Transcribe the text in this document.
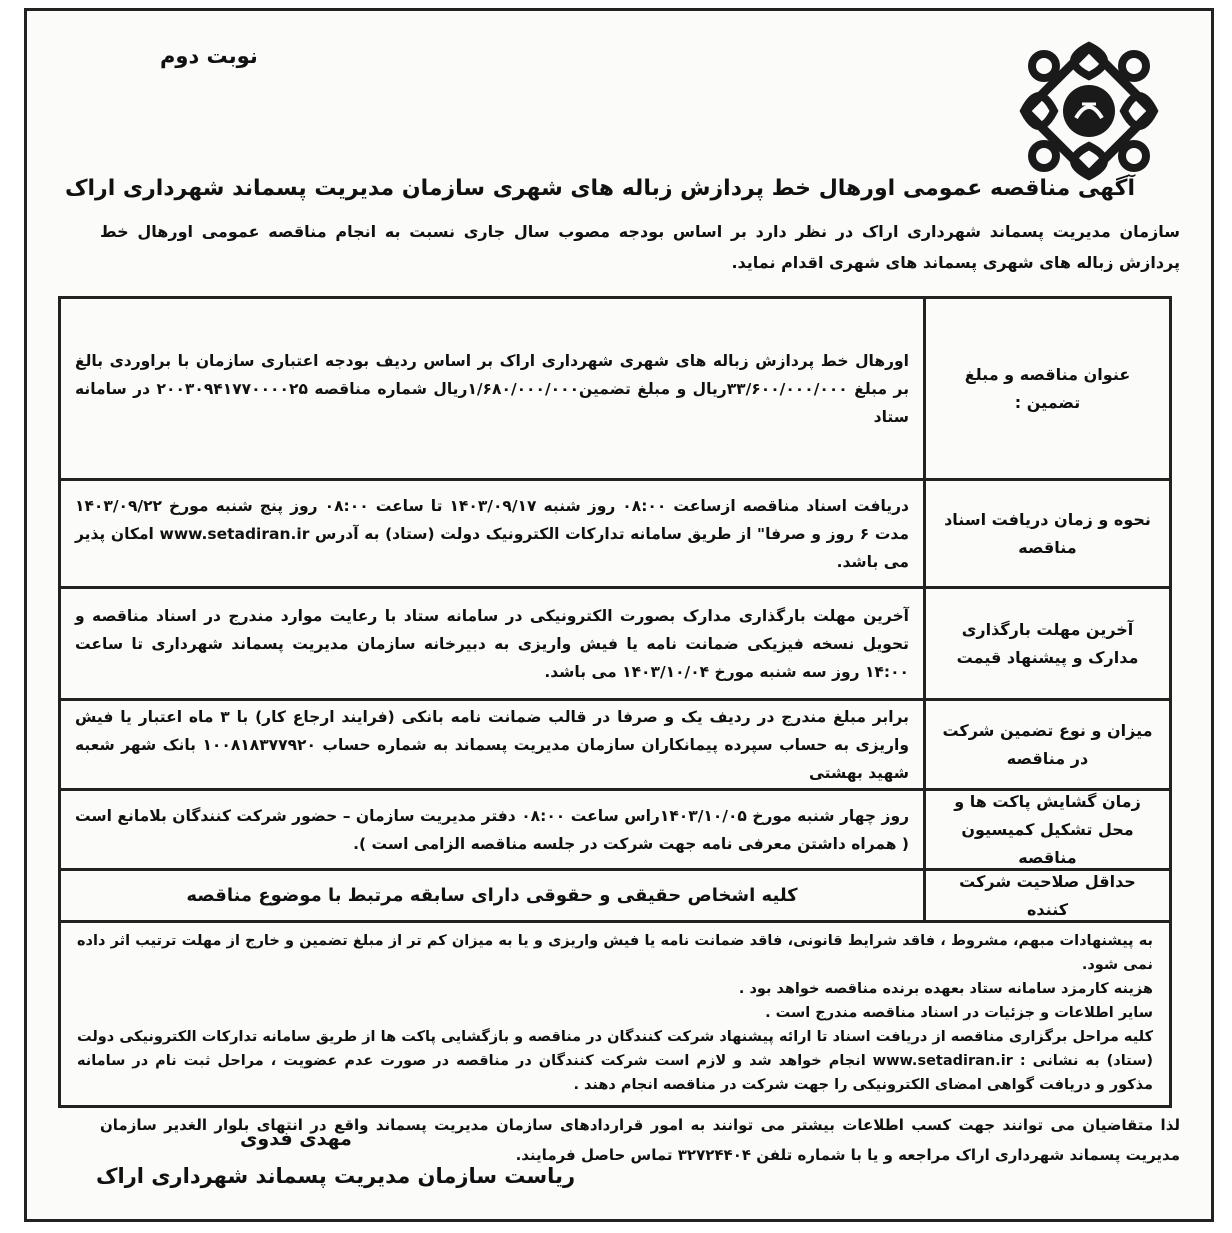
نوبت دوم
آگهی مناقصه عمومی اورهال خط پردازش زباله های شهری سازمان مدیریت پسماند شهرداری اراک
سازمان مدیریت پسماند شهرداری اراک در نظر دارد بر اساس بودجه مصوب سال جاری نسبت به انجام مناقصه عمومی اورهال خط پردازش زباله های شهری پسماند های شهری اقدام نماید.
عنوان مناقصه و مبلغ تضمین :
اورهال خط پردازش زباله های شهری شهرداری اراک بر اساس ردیف بودجه اعتباری سازمان با براوردی بالغ بر مبلغ ۳۳/۶۰۰/۰۰۰/۰۰۰ریال و مبلغ تضمین۱/۶۸۰/۰۰۰/۰۰۰ریال شماره مناقصه ۲۰۰۳۰۹۴۱۷۷۰۰۰۰۲۵ در سامانه ستاد
نحوه و زمان دریافت اسناد مناقصه
دریافت اسناد مناقصه ازساعت ۰۸:۰۰ روز شنبه ۱۴۰۳/۰۹/۱۷ تا ساعت ۰۸:۰۰ روز پنج شنبه مورخ ۱۴۰۳/۰۹/۲۲ مدت ۶ روز و صرفا" از طریق سامانه تدارکات الکترونیک دولت (ستاد) به آدرس www.setadiran.ir امکان پذیر می باشد.
آخرین مهلت بارگذاری مدارک و پیشنهاد قیمت
آخرین مهلت بارگذاری مدارک بصورت الکترونیکی در سامانه ستاد با رعایت موارد مندرج در اسناد مناقصه و تحویل نسخه فیزیکی ضمانت نامه یا فیش واریزی به دبیرخانه سازمان مدیریت پسماند شهرداری تا ساعت ۱۴:۰۰ روز سه شنبه مورخ ۱۴۰۳/۱۰/۰۴ می باشد.
میزان و نوع تضمین شرکت در مناقصه
برابر مبلغ مندرج در ردیف یک و صرفا در قالب ضمانت نامه بانکی (فرایند ارجاع کار) با ۳ ماه اعتبار یا فیش واریزی به حساب سپرده پیمانکاران سازمان مدیریت پسماند به شماره حساب ۱۰۰۸۱۸۳۷۷۹۲۰ بانک شهر شعبه شهید بهشتی
زمان گشایش پاکت ها و محل تشکیل کمیسیون مناقصه
روز چهار شنبه مورخ ۱۴۰۳/۱۰/۰۵راس ساعت ۰۸:۰۰ دفتر مدیریت سازمان – حضور شرکت کنندگان بلامانع است ( همراه داشتن معرفی نامه جهت شرکت در جلسه مناقصه الزامی است ).
حداقل صلاحیت شرکت کننده
کلیه اشخاص حقیقی و حقوقی دارای سابقه مرتبط با موضوع مناقصه

به پیشنهادات مبهم، مشروط ، فاقد شرایط قانونی، فاقد ضمانت نامه یا فیش واریزی و یا به میزان کم تر از مبلغ تضمین و خارج از مهلت ترتیب اثر داده نمی شود.

هزینه کارمزد سامانه ستاد بعهده برنده مناقصه خواهد بود .

سایر اطلاعات و جزئیات در اسناد مناقصه مندرج است .

کلیه مراحل برگزاری مناقصه از دریافت اسناد تا ارائه پیشنهاد شرکت کنندگان در مناقصه و بازگشایی پاکت ها از طریق سامانه تدارکات الکترونیکی دولت (ستاد) به نشانی : www.setadiran.ir انجام خواهد شد و لازم است شرکت کنندگان در مناقصه در صورت عدم عضویت ، مراحل ثبت نام در سامانه مذکور و دریافت گواهی امضای الکترونیکی را جهت شرکت در مناقصه انجام دهند .

لذا متقاضیان می توانند جهت کسب اطلاعات بیشتر می توانند به امور قراردادهای سازمان مدیریت پسماند واقع در انتهای بلوار الغدیر سازمان مدیریت پسماند شهرداری اراک مراجعه و یا با شماره تلفن ۳۲۷۲۴۴۰۴ تماس حاصل فرمایند.
مهدی فدوی
ریاست سازمان مدیریت پسماند شهرداری اراک
